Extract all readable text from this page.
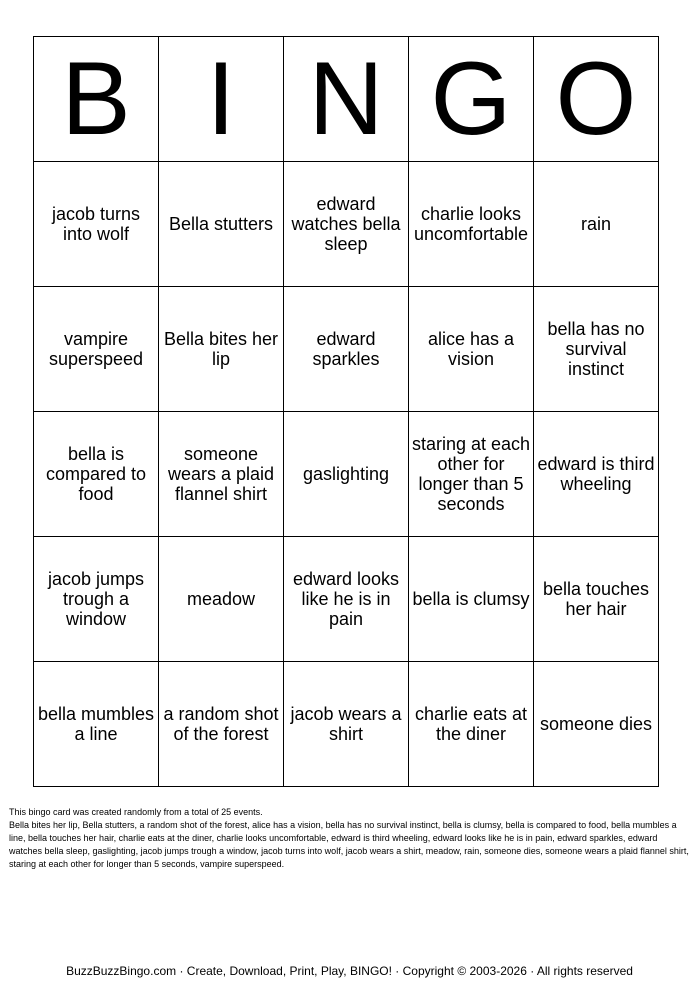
B	I	N	G	O
jacob turns into wolf	Bella stutters	edward watches bella sleep	charlie looks uncomfortable	rain
vampire superspeed	Bella bites her lip	edward sparkles	alice has a vision	bella has no survival instinct
bella is compared to food	someone wears a plaid flannel shirt	gaslighting	staring at each other for longer than 5 seconds	edward is third wheeling
jacob jumps trough a window	meadow	edward looks like he is in pain	bella is clumsy	bella touches her hair
bella mumbles a line	a random shot of the forest	jacob wears a shirt	charlie eats at the diner	someone dies
This bingo card was created randomly from a total of 25 events.
Bella bites her lip, Bella stutters, a random shot of the forest, alice has a vision, bella has no survival instinct, bella is clumsy, bella is compared to food, bella mumbles a line, bella touches her hair, charlie eats at the diner, charlie looks uncomfortable, edward is third wheeling, edward looks like he is in pain, edward sparkles, edward watches bella sleep, gaslighting, jacob jumps trough a window, jacob turns into wolf, jacob wears a shirt, meadow, rain, someone dies, someone wears a plaid flannel shirt, staring at each other for longer than 5 seconds, vampire superspeed.
BuzzBuzzBingo.com · Create, Download, Print, Play, BINGO! · Copyright © 2003-2026 · All rights reserved
